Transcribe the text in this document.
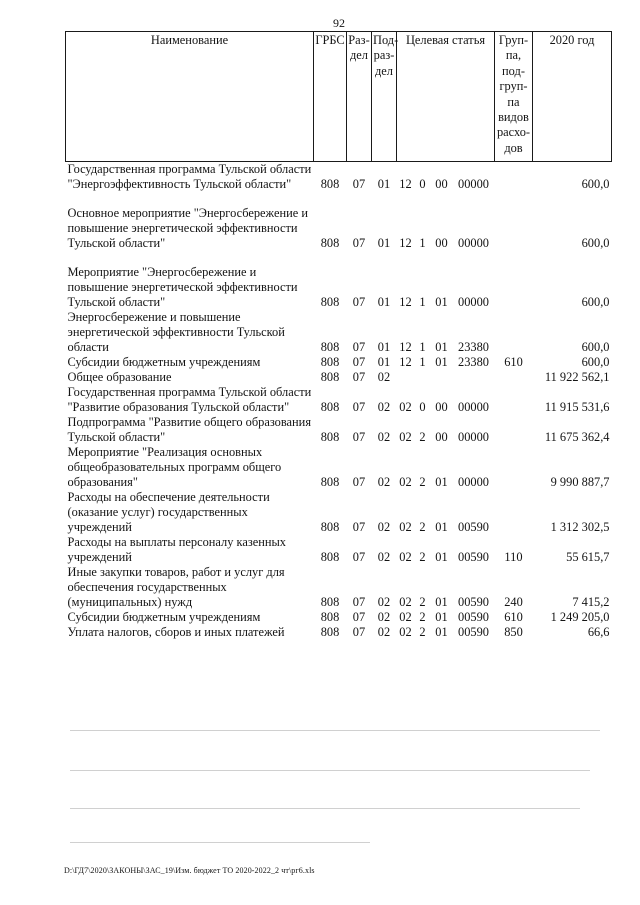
92
Наименование	ГРБС	Раз-дел	Под-раз-дел	Целевая статья				Груп-па, под-груп-па видов расхо-дов	2020 год
Государственная программа Тульской области "Энергоэффективность Тульской области"	808	07	01	12	0	00	00000		600,0

Основное мероприятие "Энергосбережение и повышение энергетической эффективности Тульской области"	808	07	01	12	1	00	00000		600,0

Мероприятие "Энергосбережение и повышение энергетической эффективности Тульской области"	808	07	01	12	1	01	00000		600,0
Энергосбережение и повышение энергетической эффективности Тульской области	808	07	01	12	1	01	23380		600,0
Субсидии бюджетным учреждениям	808	07	01	12	1	01	23380	610	600,0
Общее образование	808	07	02						11 922 562,1
Государственная программа Тульской области "Развитие образования Тульской области"	808	07	02	02	0	00	00000		11 915 531,6
Подпрограмма "Развитие общего образования Тульской области"	808	07	02	02	2	00	00000		11 675 362,4
Мероприятие "Реализация основных общеобразовательных программ общего образования"	808	07	02	02	2	01	00000		9 990 887,7
Расходы на обеспечение деятельности (оказание услуг) государственных учреждений	808	07	02	02	2	01	00590		1 312 302,5
Расходы на выплаты персоналу казенных учреждений	808	07	02	02	2	01	00590	110	55 615,7
Иные закупки товаров, работ и услуг для обеспечения государственных (муниципальных) нужд	808	07	02	02	2	01	00590	240	7 415,2
Субсидии бюджетным учреждениям	808	07	02	02	2	01	00590	610	1 249 205,0
Уплата налогов, сборов и иных платежей	808	07	02	02	2	01	00590	850	66,6
D:\ГД7\2020\ЗАКОНЫ\ЗАС_19\Изм. бюджет ТО 2020-2022_2 чт\рг6.xls
